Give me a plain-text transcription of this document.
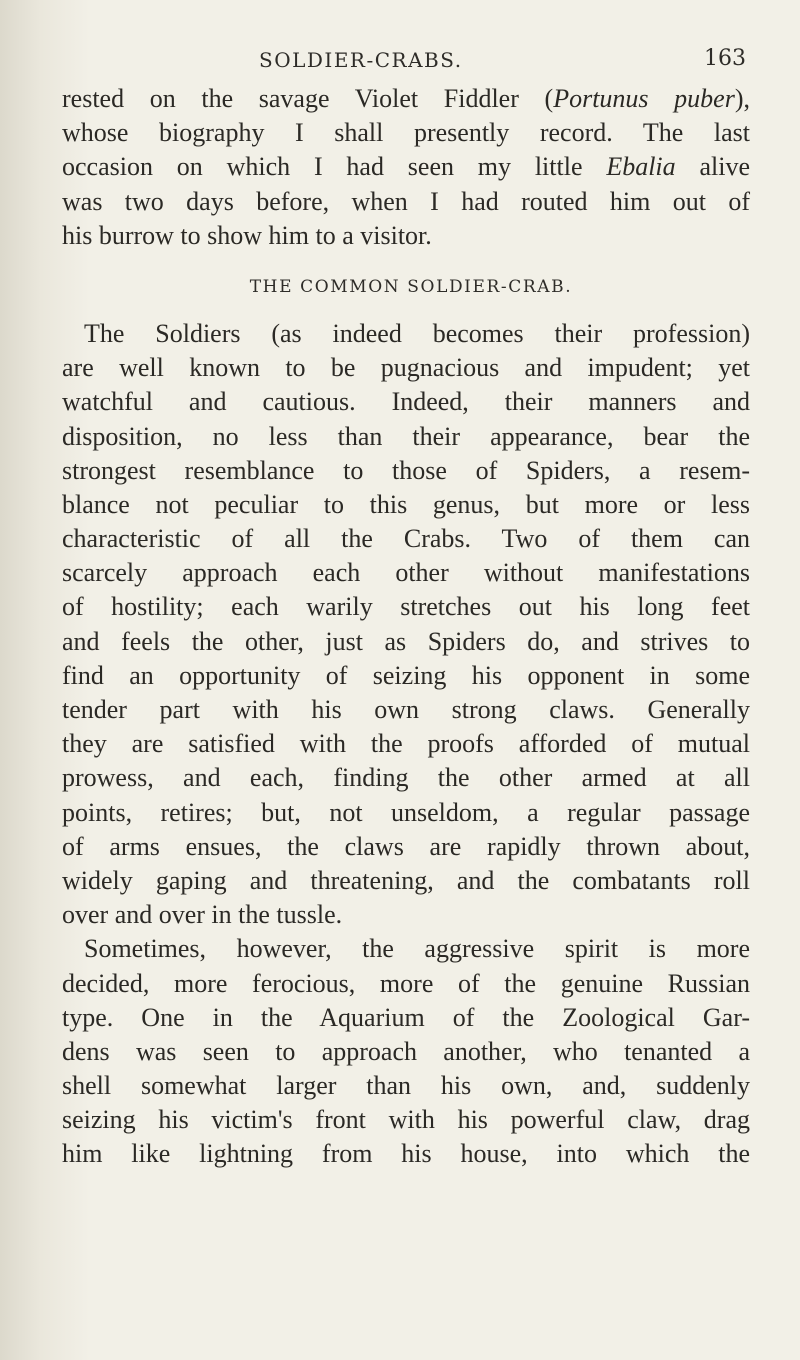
SOLDIER-CRABS.	163
rested on the savage Violet Fiddler (Portunus puber),
whose biography I shall presently record. The last
occasion on which I had seen my little Ebalia alive
was two days before, when I had routed him out of
his burrow to show him to a visitor.
THE COMMON SOLDIER-CRAB.
The Soldiers (as indeed becomes their profession)
are well known to be pugnacious and impudent; yet
watchful and cautious. Indeed, their manners and
disposition, no less than their appearance, bear the
strongest resemblance to those of Spiders, a resem-
blance not peculiar to this genus, but more or less
characteristic of all the Crabs. Two of them can
scarcely approach each other without manifestations
of hostility; each warily stretches out his long feet
and feels the other, just as Spiders do, and strives to
find an opportunity of seizing his opponent in some
tender part with his own strong claws. Generally
they are satisfied with the proofs afforded of mutual
prowess, and each, finding the other armed at all
points, retires; but, not unseldom, a regular passage
of arms ensues, the claws are rapidly thrown about,
widely gaping and threatening, and the combatants roll
over and over in the tussle.
Sometimes, however, the aggressive spirit is more
decided, more ferocious, more of the genuine Russian
type. One in the Aquarium of the Zoological Gar-
dens was seen to approach another, who tenanted a
shell somewhat larger than his own, and, suddenly
seizing his victim's front with his powerful claw, drag
him like lightning from his house, into which the
